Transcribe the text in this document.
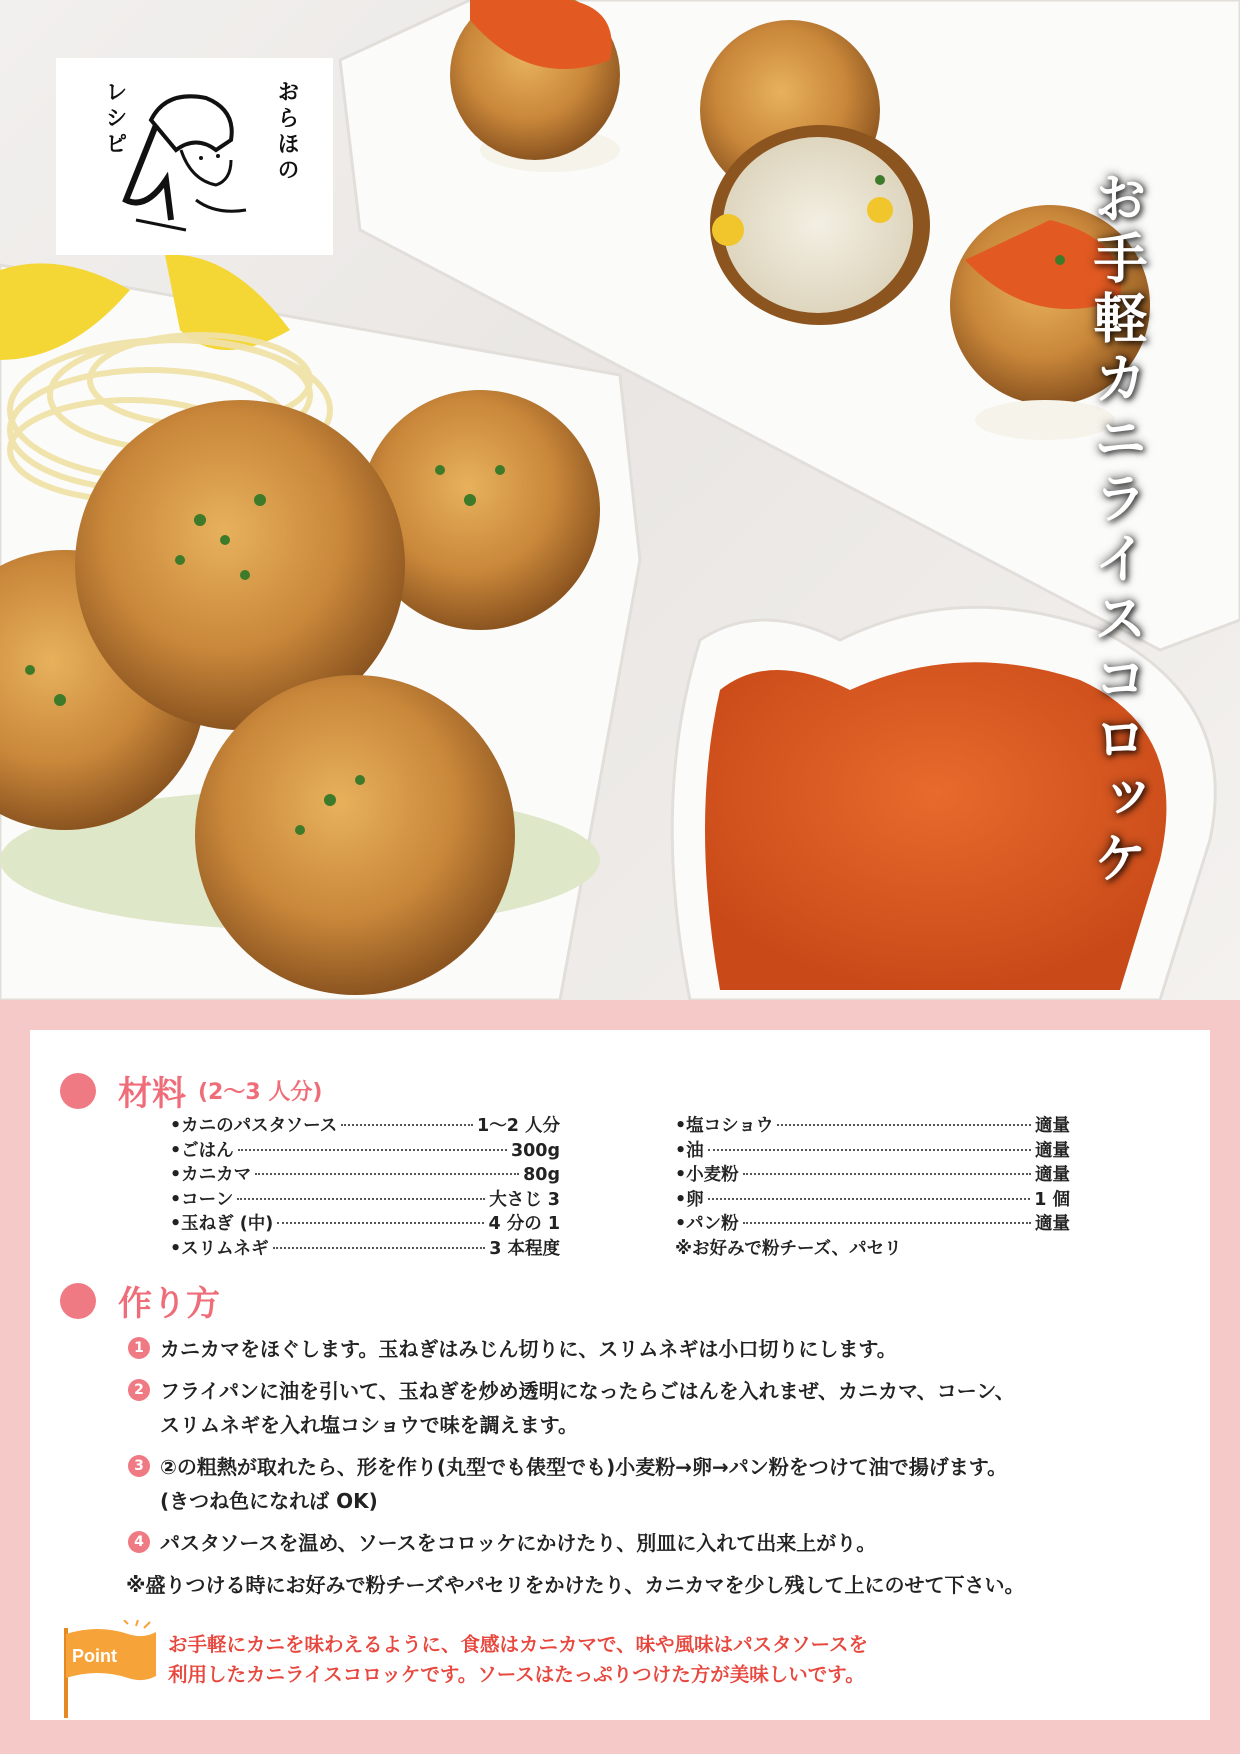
おらほの
レシピ
お手軽カニライスコロッケ
材料 (2〜3 人分)
•カニのパスタソース	1〜2 人分
•ごはん	300g
•カニカマ	80g
•コーン	大さじ 3
•玉ねぎ (中)	4 分の 1
•スリムネギ	3 本程度
•塩コショウ	適量
•油	適量
•小麦粉	適量
•卵	1 個
•パン粉	適量
※お好みで粉チーズ、パセリ
作り方
1 カニカマをほぐします。玉ねぎはみじん切りに、スリムネギは小口切りにします。
2 フライパンに油を引いて、玉ねぎを炒め透明になったらごはんを入れまぜ、カニカマ、コーン、
スリムネギを入れ塩コショウで味を調えます。
3 ②の粗熱が取れたら、形を作り(丸型でも俵型でも)小麦粉→卵→パン粉をつけて油で揚げます。
(きつね色になれば OK)
4 パスタソースを温め、ソースをコロッケにかけたり、別皿に入れて出来上がり。
※盛りつける時にお好みで粉チーズやパセリをかけたり、カニカマを少し残して上にのせて下さい。
Point	お手軽にカニを味わえるように、食感はカニカマで、味や風味はパスタソースを
利用したカニライスコロッケです。ソースはたっぷりつけた方が美味しいです。
